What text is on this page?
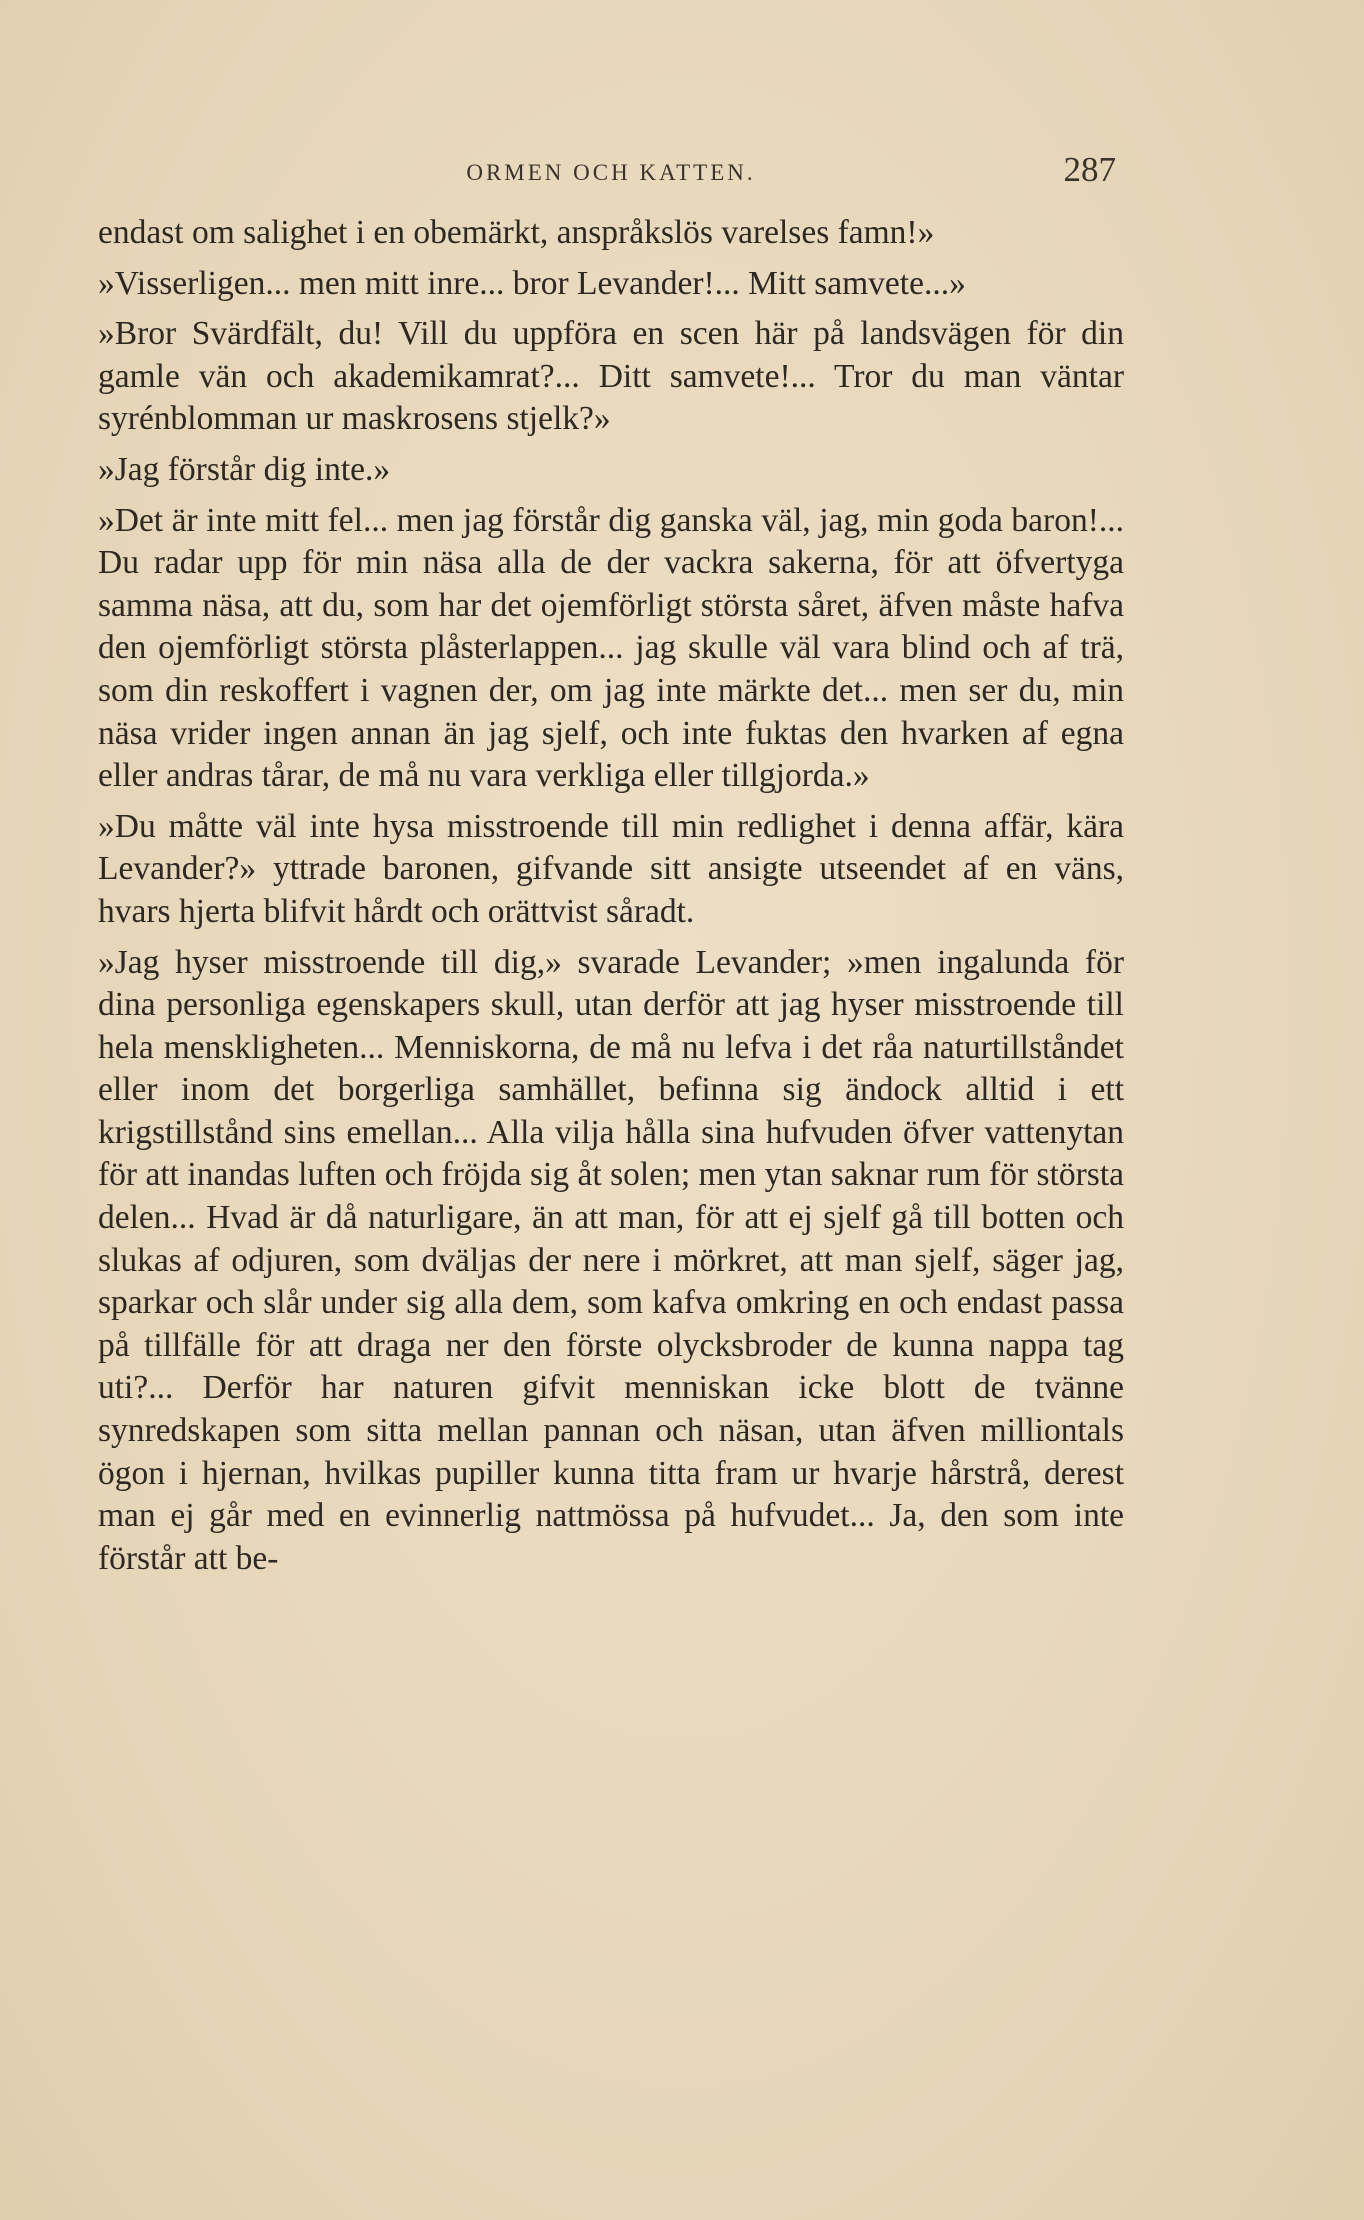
ORMEN OCH KATTEN.	287

endast om salighet i en obemärkt, anspråkslös varelses famn!»

»Visserligen... men mitt inre... bror Levander!... Mitt samvete...»

»Bror Svärdfält, du! Vill du uppföra en scen här på landsvägen för din gamle vän och akademikamrat?... Ditt samvete!... Tror du man väntar syrénblomman ur maskrosens stjelk?»

»Jag förstår dig inte.»

»Det är inte mitt fel... men jag förstår dig ganska väl, jag, min goda baron!... Du radar upp för min näsa alla de der vackra sakerna, för att öfvertyga samma näsa, att du, som har det ojemförligt största såret, äfven måste hafva den ojemförligt största plåsterlappen... jag skulle väl vara blind och af trä, som din reskoffert i vagnen der, om jag inte märkte det... men ser du, min näsa vrider ingen annan än jag sjelf, och inte fuktas den hvarken af egna eller andras tårar, de må nu vara verkliga eller tillgjorda.»

»Du måtte väl inte hysa misstroende till min redlighet i denna affär, kära Levander?» yttrade baronen, gifvande sitt ansigte utseendet af en väns, hvars hjerta blifvit hårdt och orättvist såradt.

»Jag hyser misstroende till dig,» svarade Levander; »men ingalunda för dina personliga egenskapers skull, utan derför att jag hyser misstroende till hela menskligheten... Menniskorna, de må nu lefva i det råa naturtillståndet eller inom det borgerliga samhället, befinna sig ändock alltid i ett krigstillstånd sins emellan... Alla vilja hålla sina hufvuden öfver vattenytan för att inandas luften och fröjda sig åt solen; men ytan saknar rum för största delen... Hvad är då naturligare, än att man, för att ej sjelf gå till botten och slukas af odjuren, som dväljas der nere i mörkret, att man sjelf, säger jag, sparkar och slår under sig alla dem, som kafva omkring en och endast passa på tillfälle för att draga ner den förste olycksbroder de kunna nappa tag uti?... Derför har naturen gifvit menniskan icke blott de tvänne synredskapen som sitta mellan pannan och näsan, utan äfven milliontals ögon i hjernan, hvilkas pupiller kunna titta fram ur hvarje hårstrå, derest man ej går med en evinnerlig nattmössa på hufvudet... Ja, den som inte förstår att be-
